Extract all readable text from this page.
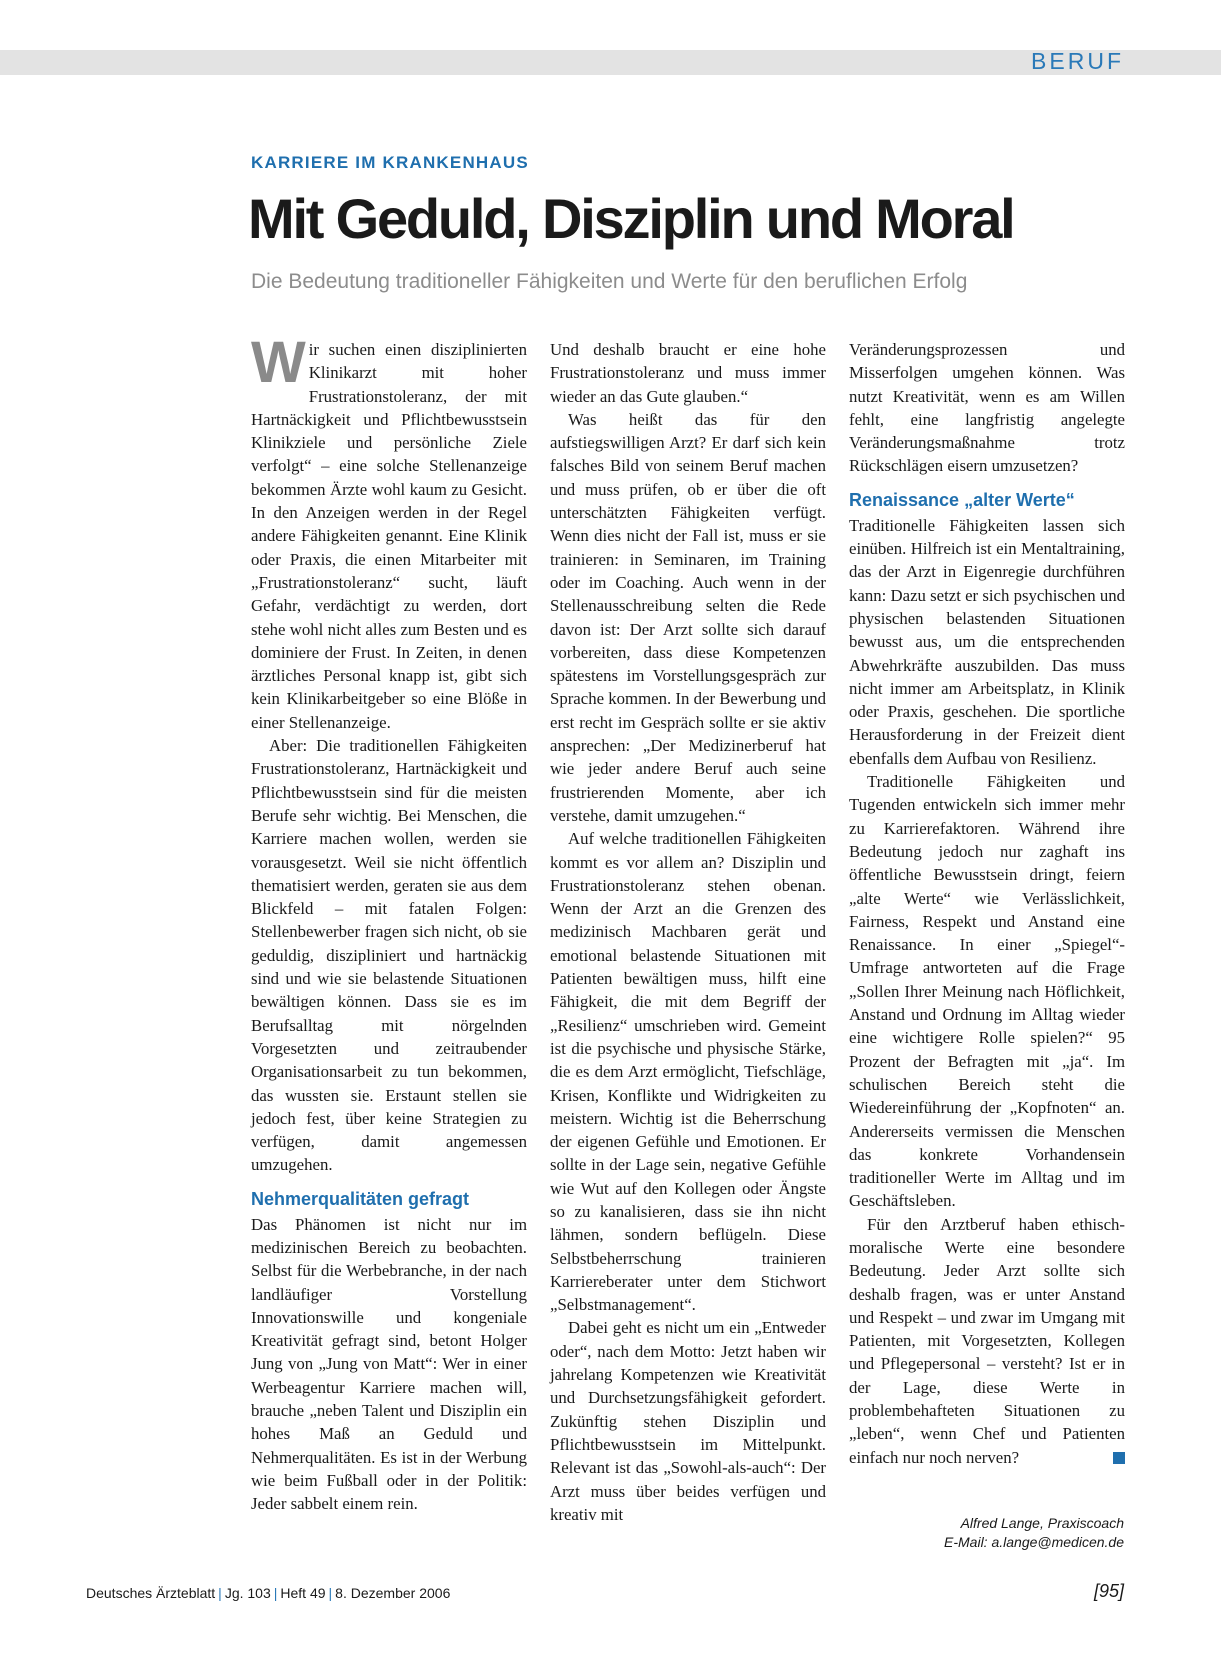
BERUF
KARRIERE IM KRANKENHAUS
Mit Geduld, Disziplin und Moral
Die Bedeutung traditioneller Fähigkeiten und Werte für den beruflichen Erfolg

Wir suchen einen disziplinierten Klinikarzt mit hoher Frustrationstoleranz, der mit Hartnäckigkeit und Pflichtbewusstsein Klinikziele und persönliche Ziele verfolgt“ – eine solche Stellenanzeige bekommen Ärzte wohl kaum zu Gesicht. In den Anzeigen werden in der Regel andere Fähigkeiten genannt. Eine Klinik oder Praxis, die einen Mitarbeiter mit „Frustrationstoleranz“ sucht, läuft Gefahr, verdächtigt zu werden, dort stehe wohl nicht alles zum Besten und es dominiere der Frust. In Zeiten, in denen ärztliches Personal knapp ist, gibt sich kein Klinikarbeitgeber so eine Blöße in einer Stellenanzeige.

Aber: Die traditionellen Fähigkeiten Frustrationstoleranz, Hartnäckigkeit und Pflichtbewusstsein sind für die meisten Berufe sehr wichtig. Bei Menschen, die Karriere machen wollen, werden sie vorausgesetzt. Weil sie nicht öffentlich thematisiert werden, geraten sie aus dem Blickfeld – mit fatalen Folgen: Stellenbewerber fragen sich nicht, ob sie geduldig, diszipliniert und hartnäckig sind und wie sie belastende Situationen bewältigen können. Dass sie es im Berufsalltag mit nörgelnden Vorgesetzten und zeitraubender Organisationsarbeit zu tun bekommen, das wussten sie. Erstaunt stellen sie jedoch fest, über keine Strategien zu verfügen, damit angemessen umzugehen.

Nehmerqualitäten gefragt

Das Phänomen ist nicht nur im medizinischen Bereich zu beobachten. Selbst für die Werbebranche, in der nach landläufiger Vorstellung Innovationswille und kongeniale Kreativität gefragt sind, betont Holger Jung von „Jung von Matt“: Wer in einer Werbeagentur Karriere machen will, brauche „neben Talent und Disziplin ein hohes Maß an Geduld und Nehmerqualitäten. Es ist in der Werbung wie beim Fußball oder in der Politik: Jeder sabbelt einem rein.

Und deshalb braucht er eine hohe Frustrationstoleranz und muss immer wieder an das Gute glauben.“

Was heißt das für den aufstiegswilligen Arzt? Er darf sich kein falsches Bild von seinem Beruf machen und muss prüfen, ob er über die oft unterschätzten Fähigkeiten verfügt. Wenn dies nicht der Fall ist, muss er sie trainieren: in Seminaren, im Training oder im Coaching. Auch wenn in der Stellenausschreibung selten die Rede davon ist: Der Arzt sollte sich darauf vorbereiten, dass diese Kompetenzen spätestens im Vorstellungsgespräch zur Sprache kommen. In der Bewerbung und erst recht im Gespräch sollte er sie aktiv ansprechen: „Der Medizinerberuf hat wie jeder andere Beruf auch seine frustrierenden Momente, aber ich verstehe, damit umzugehen.“

Auf welche traditionellen Fähigkeiten kommt es vor allem an? Disziplin und Frustrationstoleranz stehen obenan. Wenn der Arzt an die Grenzen des medizinisch Machbaren gerät und emotional belastende Situationen mit Patienten bewältigen muss, hilft eine Fähigkeit, die mit dem Begriff der „Resilienz“ umschrieben wird. Gemeint ist die psychische und physische Stärke, die es dem Arzt ermöglicht, Tiefschläge, Krisen, Konflikte und Widrigkeiten zu meistern. Wichtig ist die Beherrschung der eigenen Gefühle und Emotionen. Er sollte in der Lage sein, negative Gefühle wie Wut auf den Kollegen oder Ängste so zu kanalisieren, dass sie ihn nicht lähmen, sondern beflügeln. Diese Selbstbeherrschung trainieren Karriereberater unter dem Stichwort „Selbstmanagement“.

Dabei geht es nicht um ein „Entweder oder“, nach dem Motto: Jetzt haben wir jahrelang Kompetenzen wie Kreativität und Durchsetzungsfähigkeit gefordert. Zukünftig stehen Disziplin und Pflichtbewusstsein im Mittelpunkt. Relevant ist das „Sowohl-als-auch“: Der Arzt muss über beides verfügen und kreativ mit

Veränderungsprozessen und Misserfolgen umgehen können. Was nutzt Kreativität, wenn es am Willen fehlt, eine langfristig angelegte Veränderungsmaßnahme trotz Rückschlägen eisern umzusetzen?

Renaissance „alter Werte“

Traditionelle Fähigkeiten lassen sich einüben. Hilfreich ist ein Mentaltraining, das der Arzt in Eigenregie durchführen kann: Dazu setzt er sich psychischen und physischen belastenden Situationen bewusst aus, um die entsprechenden Abwehrkräfte auszubilden. Das muss nicht immer am Arbeitsplatz, in Klinik oder Praxis, geschehen. Die sportliche Herausforderung in der Freizeit dient ebenfalls dem Aufbau von Resilienz.

Traditionelle Fähigkeiten und Tugenden entwickeln sich immer mehr zu Karrierefaktoren. Während ihre Bedeutung jedoch nur zaghaft ins öffentliche Bewusstsein dringt, feiern „alte Werte“ wie Verlässlichkeit, Fairness, Respekt und Anstand eine Renaissance. In einer „Spiegel“-Umfrage antworteten auf die Frage „Sollen Ihrer Meinung nach Höflichkeit, Anstand und Ordnung im Alltag wieder eine wichtigere Rolle spielen?“ 95 Prozent der Befragten mit „ja“. Im schulischen Bereich steht die Wiedereinführung der „Kopfnoten“ an. Andererseits vermissen die Menschen das konkrete Vorhandensein traditioneller Werte im Alltag und im Geschäftsleben.

Für den Arztberuf haben ethisch-moralische Werte eine besondere Bedeutung. Jeder Arzt sollte sich deshalb fragen, was er unter Anstand und Respekt – und zwar im Umgang mit Patienten, mit Vorgesetzten, Kollegen und Pflegepersonal – versteht? Ist er in der Lage, diese Werte in problembehafteten Situationen zu „leben“, wenn Chef und Patienten einfach nur noch nerven?

Alfred Lange, Praxiscoach
E-Mail: a.lange@medicen.de
Deutsches Ärzteblatt | Jg. 103 | Heft 49 | 8. Dezember 2006	[95]
